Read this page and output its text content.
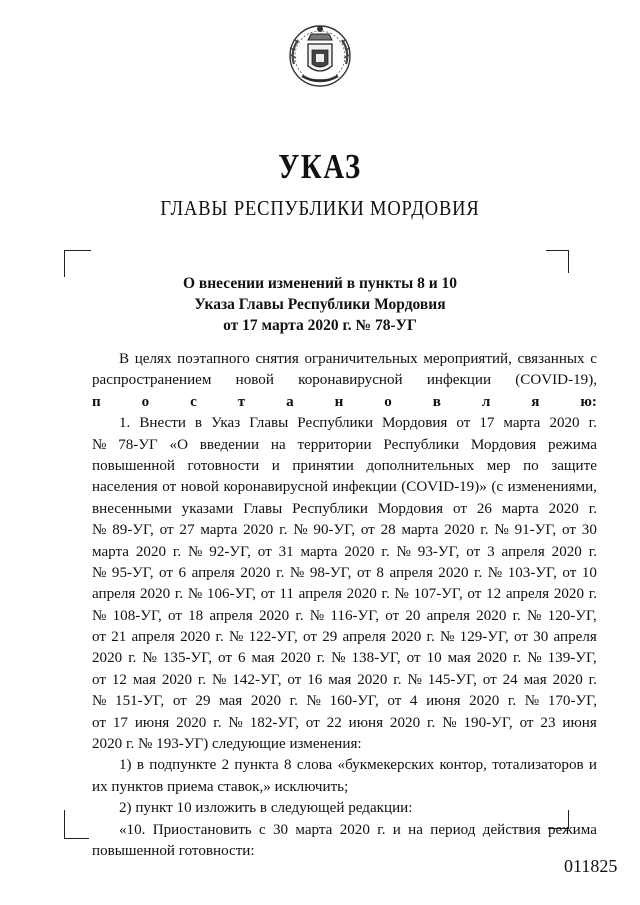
УКАЗ
ГЛАВЫ РЕСПУБЛИКИ МОРДОВИЯ
О внесении изменений в пункты 8 и 10
Указа Главы Республики Мордовия
от 17 марта 2020 г. № 78-УГ
В целях поэтапного снятия ограничительных мероприятий, связанных с
распространением новой коронавирусной инфекции (COVID-19),
п	о	с	т	а	н	о	в	л	я	ю:
1. Внести в Указ Главы Республики Мордовия от 17 марта 2020 г.
№ 78-УГ «О введении на территории Республики Мордовия режима
повышенной готовности и принятии дополнительных мер по защите
населения от новой коронавирусной инфекции (COVID-19)» (с изменениями,
внесенными указами Главы Республики Мордовия от 26 марта 2020 г.
№ 89-УГ, от 27 марта 2020 г. № 90-УГ, от 28 марта 2020 г. № 91-УГ, от 30
марта 2020 г. № 92-УГ, от 31 марта 2020 г. № 93-УГ, от 3 апреля 2020 г.
№ 95-УГ, от 6 апреля 2020 г. № 98-УГ, от 8 апреля 2020 г. № 103-УГ, от 10
апреля 2020 г. № 106-УГ, от 11 апреля 2020 г. № 107-УГ, от 12 апреля 2020 г.
№ 108-УГ, от 18 апреля 2020 г. № 116-УГ, от 20 апреля 2020 г. № 120-УГ,
от 21 апреля 2020 г. № 122-УГ, от 29 апреля 2020 г. № 129-УГ, от 30 апреля
2020 г. № 135-УГ, от 6 мая 2020 г. № 138-УГ, от 10 мая 2020 г. № 139-УГ,
от 12 мая 2020 г. № 142-УГ, от 16 мая 2020 г. № 145-УГ, от 24 мая 2020 г.
№ 151-УГ, от 29 мая 2020 г. № 160-УГ, от 4 июня 2020 г. № 170-УГ,
от 17 июня 2020 г. № 182-УГ, от 22 июня 2020 г. № 190-УГ, от 23 июня
2020 г. № 193-УГ) следующие изменения:
1) в подпункте 2 пункта 8 слова «букмекерских контор, тотализаторов и
их пунктов приема ставок,» исключить;
2) пункт 10 изложить в следующей редакции:
«10. Приостановить с 30 марта 2020 г. и на период действия режима
повышенной готовности:
011825
